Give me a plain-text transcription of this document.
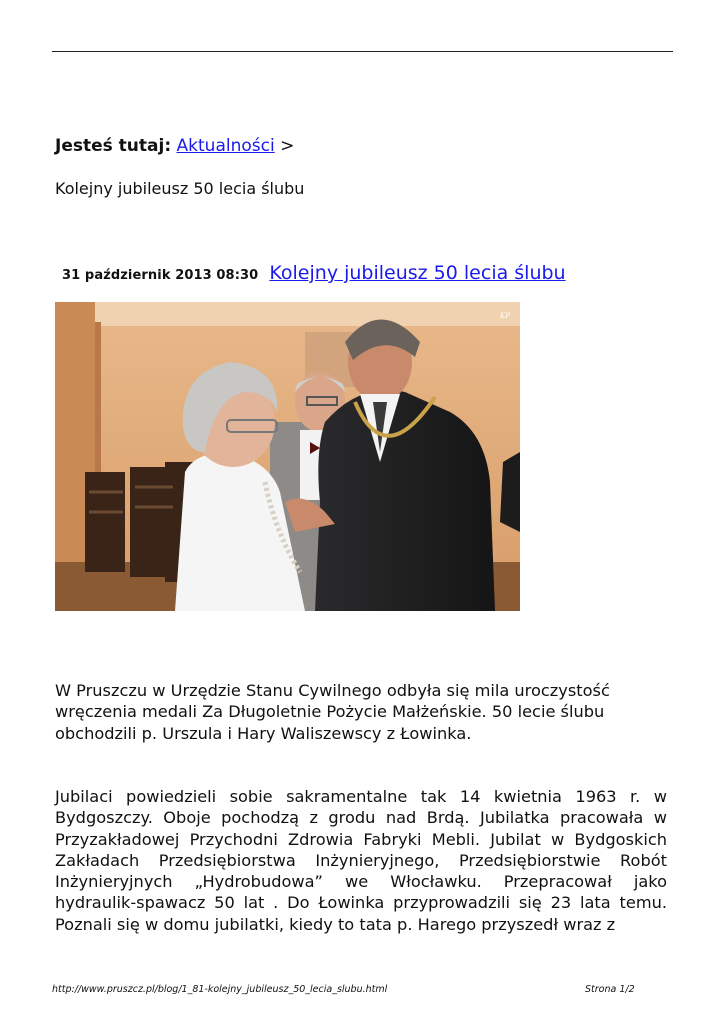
Jesteś tutaj: Aktualności >
Kolejny jubileusz 50 lecia ślubu
31 październik 2013 08:30 Kolejny jubileusz 50 lecia ślubu
KP

W Pruszczu w Urzędzie Stanu Cywilnego odbyła się mila uroczystość wręczenia medali Za Długoletnie Pożycie Małżeńskie. 50 lecie ślubu obchodzili p. Urszula i Hary Waliszewscy z Łowinka.

Jubilaci powiedzieli sobie sakramentalne tak 14 kwietnia 1963 r. w Bydgoszczy. Oboje pochodzą z grodu nad Brdą. Jubilatka pracowała w Przyzakładowej Przychodni Zdrowia Fabryki Mebli. Jubilat w Bydgoskich Zakładach Przedsiębiorstwa Inżynieryjnego, Przedsiębiorstwie Robót Inżynieryjnych „Hydrobudowa” we Włocławku. Przepracował jako hydraulik-spawacz 50 lat . Do Łowinka przyprowadzili się 23 lata temu. Poznali się w domu jubilatki, kiedy to tata p. Harego przyszedł wraz z

http://www.pruszcz.pl/blog/1_81-kolejny_jubileusz_50_lecia_slubu.html	Strona 1/2
